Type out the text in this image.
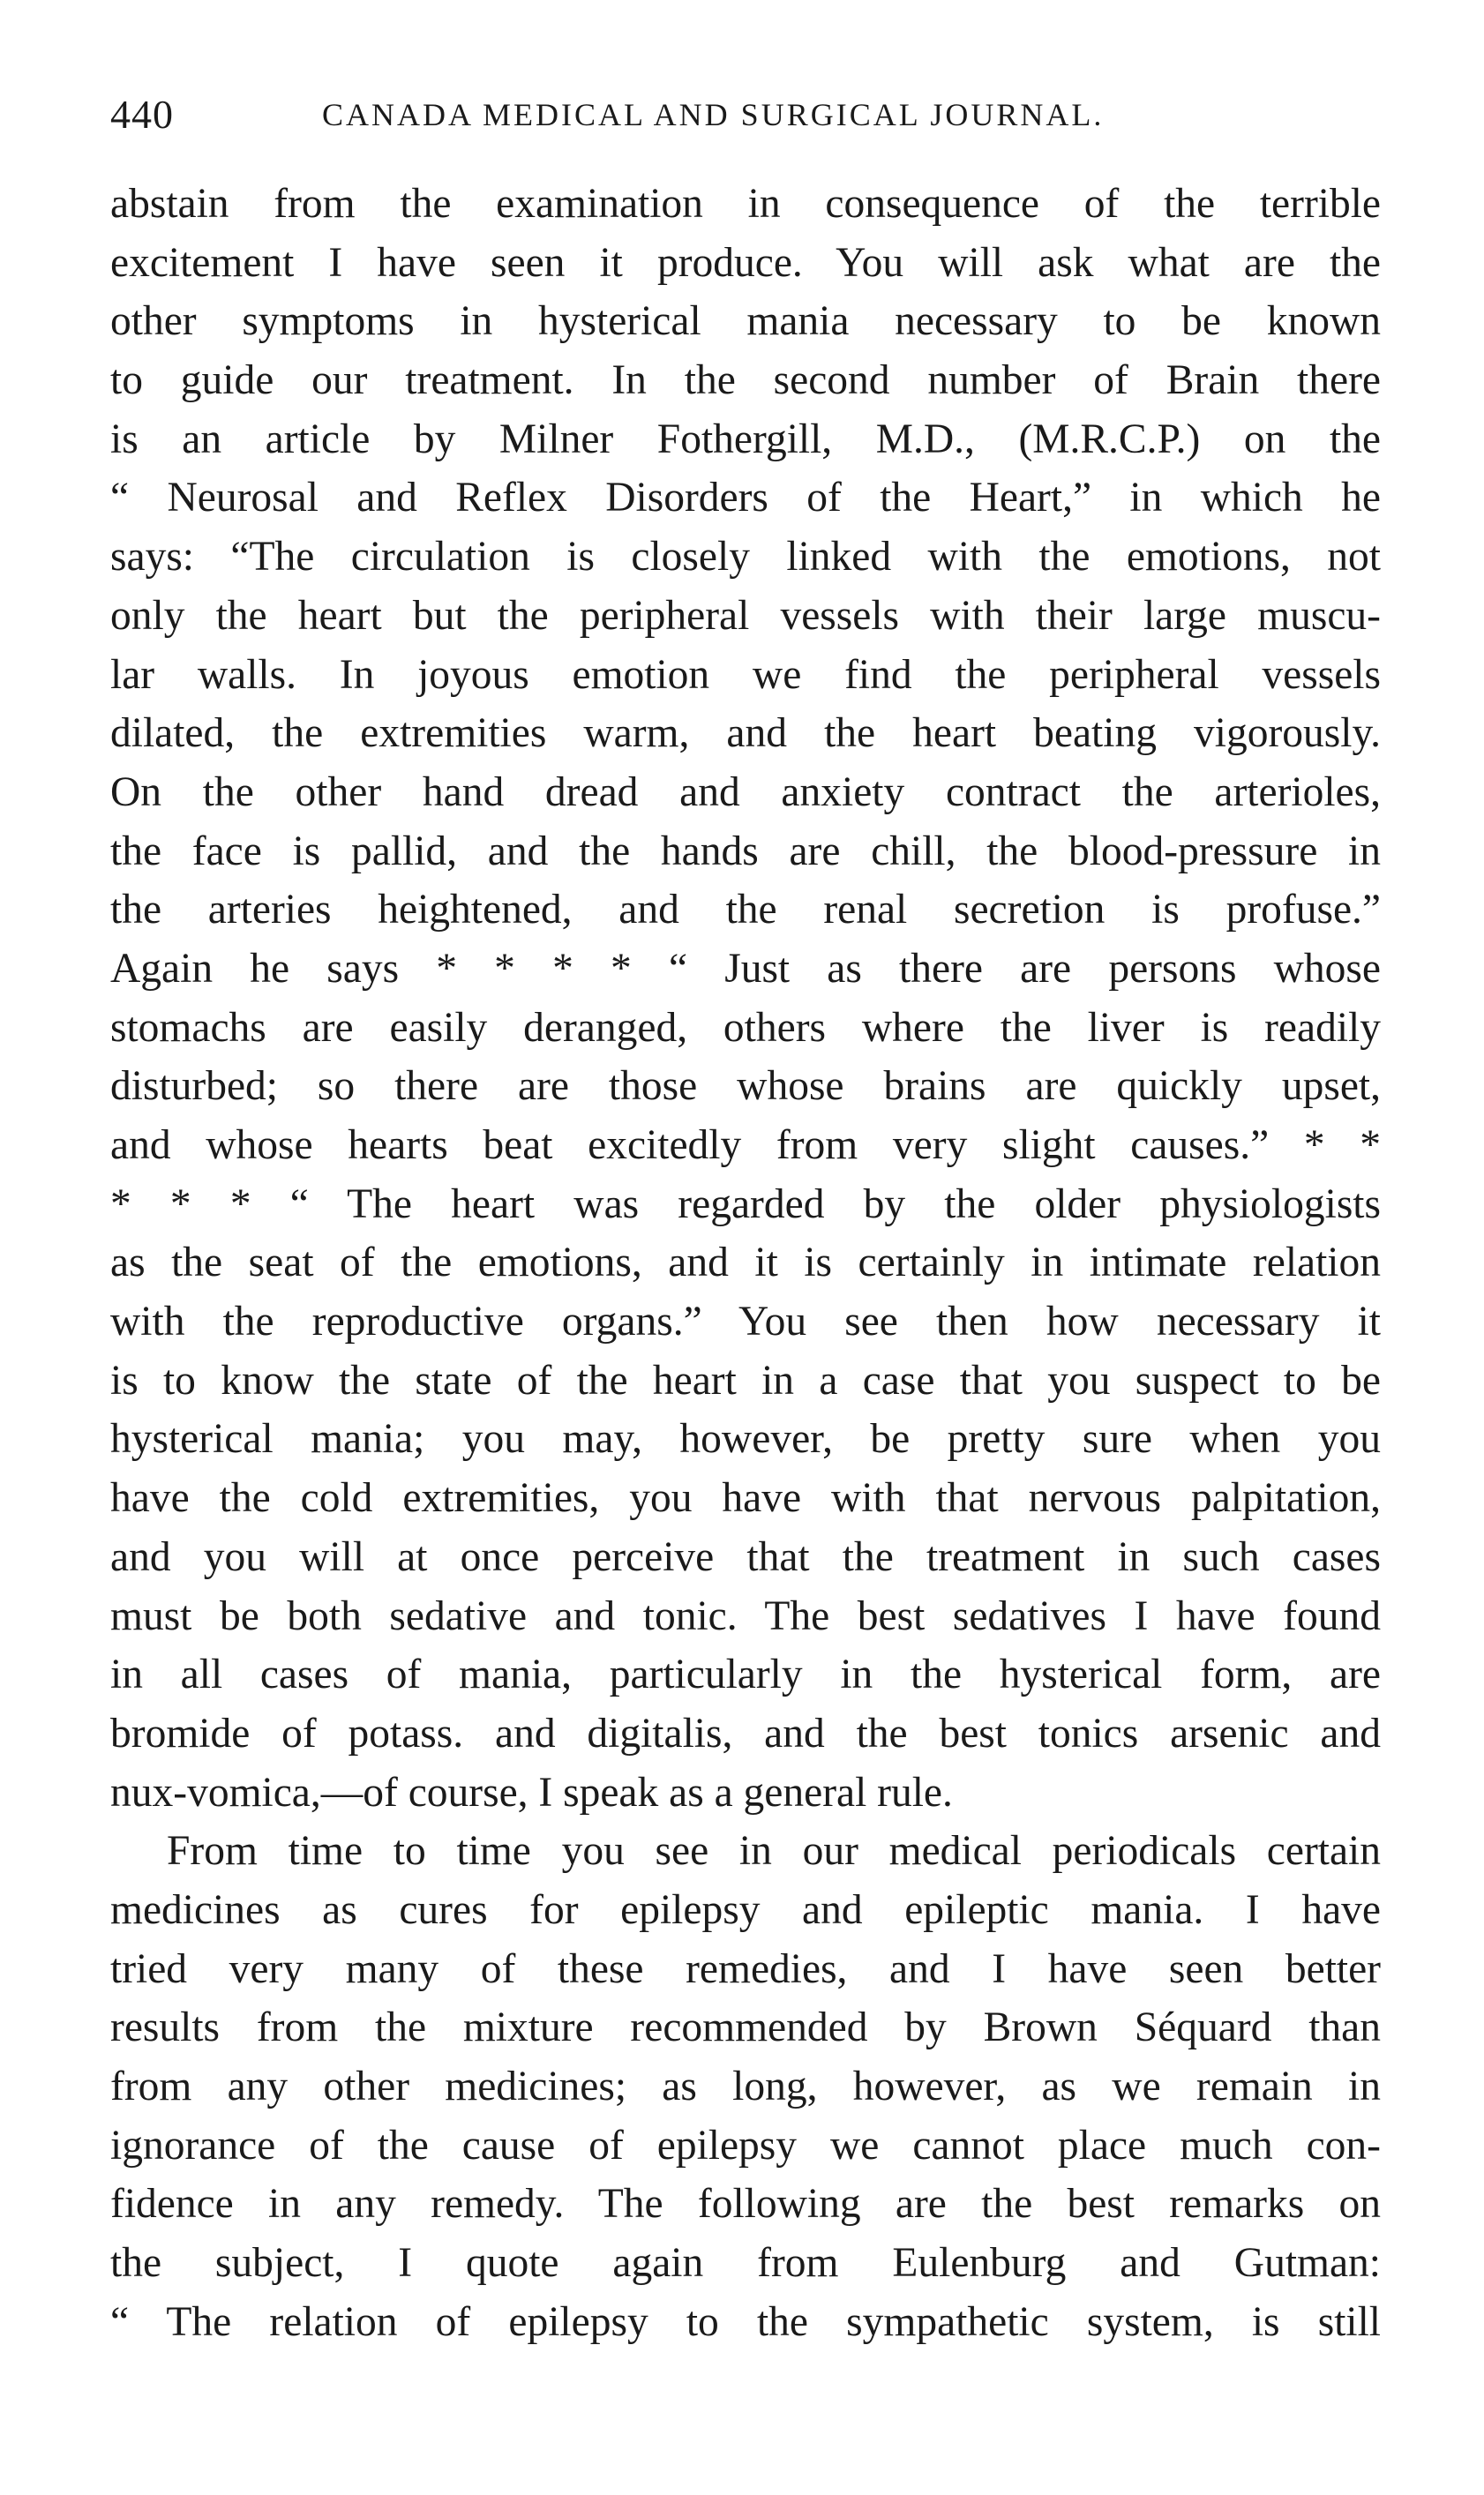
440	CANADA MEDICAL AND SURGICAL JOURNAL.
abstain from the examination in consequence of the terrible
excitement I have seen it produce. You will ask what are the
other symptoms in hysterical mania necessary to be known
to guide our treatment. In the second number of Brain there
is an article by Milner Fothergill, M.D., (M.R.C.P.) on the
“ Neurosal and Reflex Disorders of the Heart,” in which he
says: “The circulation is closely linked with the emotions, not
only the heart but the peripheral vessels with their large muscu-
lar walls. In joyous emotion we find the peripheral vessels
dilated, the extremities warm, and the heart beating vigorously.
On the other hand dread and anxiety contract the arterioles,
the face is pallid, and the hands are chill, the blood-pressure in
the arteries heightened, and the renal secretion is profuse.”
Again he says * * * * “ Just as there are persons whose
stomachs are easily deranged, others where the liver is readily
disturbed; so there are those whose brains are quickly upset,
and whose hearts beat excitedly from very slight causes.” * *
* * * “ The heart was regarded by the older physiologists
as the seat of the emotions, and it is certainly in intimate relation
with the reproductive organs.” You see then how necessary it
is to know the state of the heart in a case that you suspect to be
hysterical mania; you may, however, be pretty sure when you
have the cold extremities, you have with that nervous palpitation,
and you will at once perceive that the treatment in such cases
must be both sedative and tonic. The best sedatives I have found
in all cases of mania, particularly in the hysterical form, are
bromide of potass. and digitalis, and the best tonics arsenic and
nux-vomica,—of course, I speak as a general rule.
From time to time you see in our medical periodicals certain
medicines as cures for epilepsy and epileptic mania. I have
tried very many of these remedies, and I have seen better
results from the mixture recommended by Brown Séquard than
from any other medicines; as long, however, as we remain in
ignorance of the cause of epilepsy we cannot place much con-
fidence in any remedy. The following are the best remarks on
the subject, I quote again from Eulenburg and Gutman:
“ The relation of epilepsy to the sympathetic system, is still
